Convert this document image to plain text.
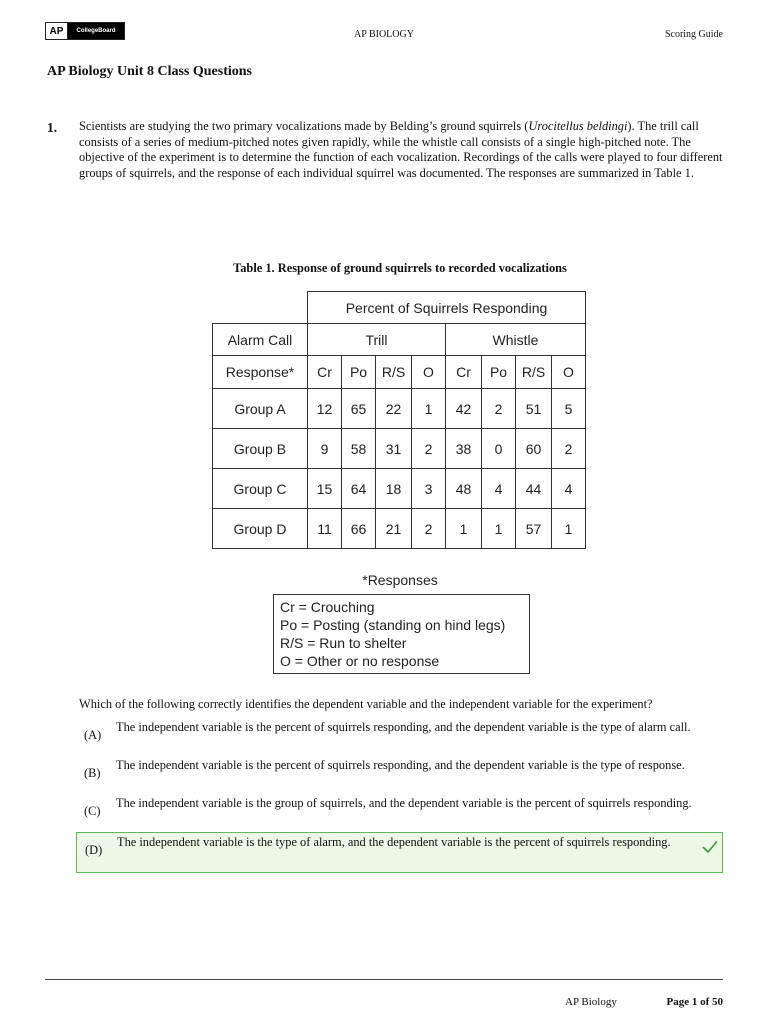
AP	CollegeBoard	AP BIOLOGY	Scoring Guide
AP Biology Unit 8 Class Questions
1. Scientists are studying the two primary vocalizations made by Belding’s ground squirrels (Urocitellus beldingi). The trill call consists of a series of medium-pitched notes given rapidly, while the whistle call consists of a single high-pitched note. The objective of the experiment is to determine the function of each vocalization. Recordings of the calls were played to four different groups of squirrels, and the response of each individual squirrel was documented. The responses are summarized in Table 1.
Table 1. Response of ground squirrels to recorded vocalizations
	Percent of Squirrels Responding							
Alarm Call	Trill				Whistle			
Response*	Cr	Po	R/S	O	Cr	Po	R/S	O
Group A	12	65	22	1	42	2	51	5
Group B	9	58	31	2	38	0	60	2
Group C	15	64	18	3	48	4	44	4
Group D	11	66	21	2	1	1	57	1
*Responses
Cr = Crouching
Po = Posting (standing on hind legs)
R/S = Run to shelter
O = Other or no response
Which of the following correctly identifies the dependent variable and the independent variable for the experiment?
(A)
The independent variable is the percent of squirrels responding, and the dependent variable is the type of alarm call.
(B)
The independent variable is the percent of squirrels responding, and the dependent variable is the type of response.
(C)
The independent variable is the group of squirrels, and the dependent variable is the percent of squirrels responding.
(D)
The independent variable is the type of alarm, and the dependent variable is the percent of squirrels responding.
AP Biology	Page 1 of 50
